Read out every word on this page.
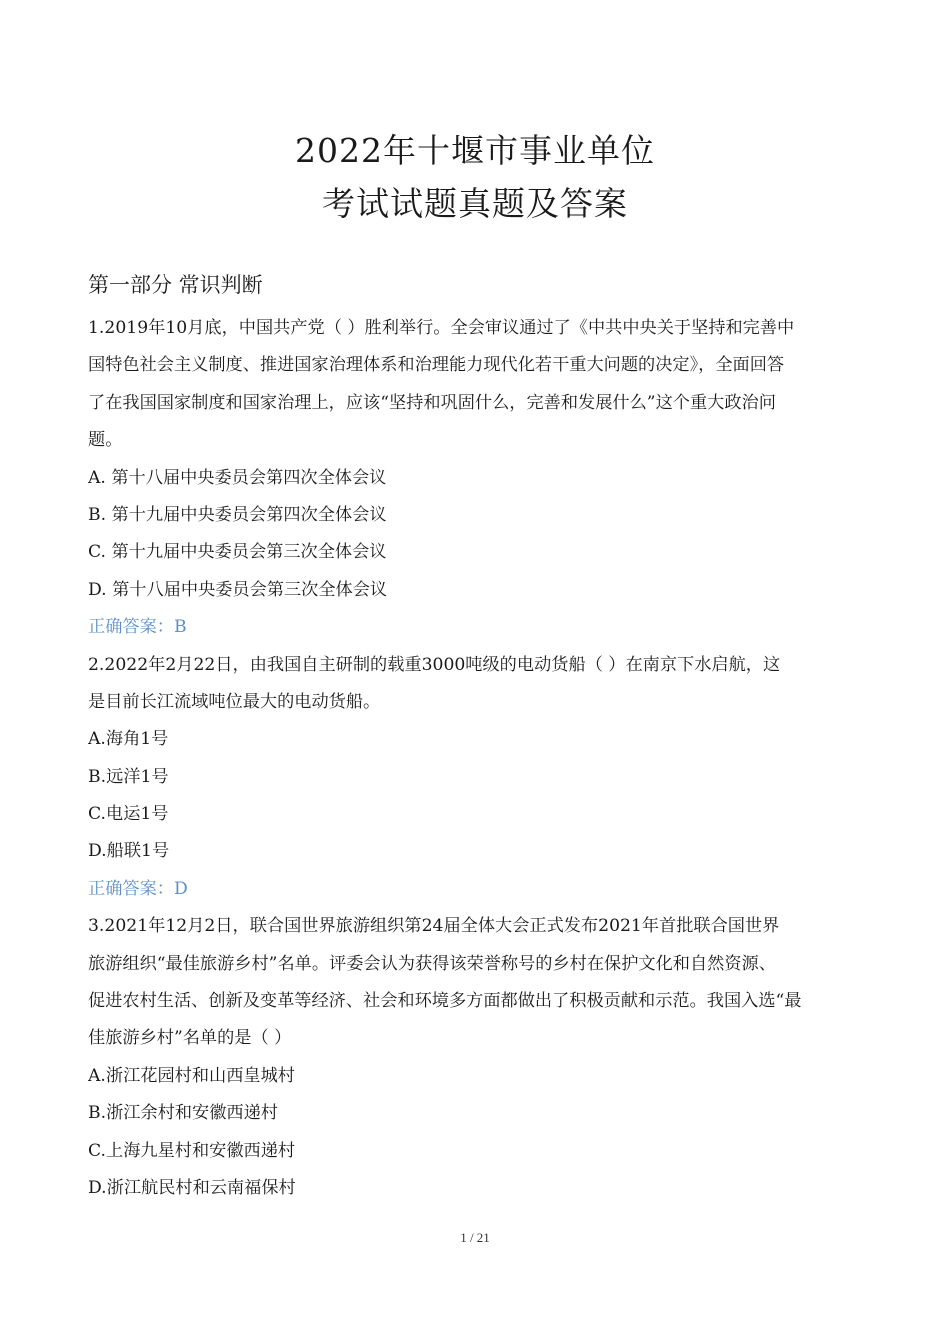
2022年十堰市事业单位
考试试题真题及答案
第一部分 常识判断
1.2019年10月底，中国共产党（ ）胜利举行。全会审议通过了《中共中央关于坚持和完善中
国特色社会主义制度、推进国家治理体系和治理能力现代化若干重大问题的决定》，全面回答
了在我国国家制度和国家治理上，应该“坚持和巩固什么，完善和发展什么”这个重大政治问
题。
A. 第十八届中央委员会第四次全体会议
B. 第十九届中央委员会第四次全体会议
C. 第十九届中央委员会第三次全体会议
D. 第十八届中央委员会第三次全体会议
正确答案：B
2.2022年2月22日，由我国自主研制的载重3000吨级的电动货船（ ）在南京下水启航，这
是目前长江流域吨位最大的电动货船。
A.海角1号
B.远洋1号
C.电运1号
D.船联1号
正确答案：D
3.2021年12月2日，联合国世界旅游组织第24届全体大会正式发布2021年首批联合国世界
旅游组织“最佳旅游乡村”名单。评委会认为获得该荣誉称号的乡村在保护文化和自然资源、
促进农村生活、创新及变革等经济、社会和环境多方面都做出了积极贡献和示范。我国入选“最
佳旅游乡村”名单的是（ ）
A.浙江花园村和山西皇城村
B.浙江余村和安徽西递村
C.上海九星村和安徽西递村
D.浙江航民村和云南福保村
1 / 21
